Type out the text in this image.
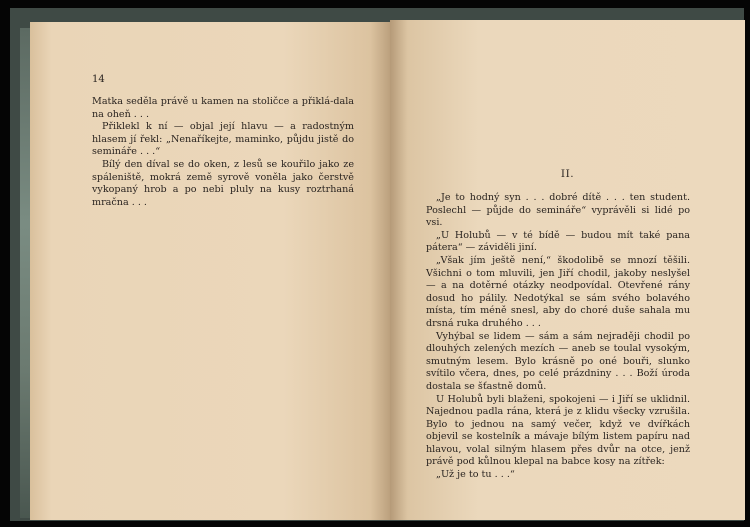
14

Matka seděla právě u kamen na stoličce a přiklá-dala na oheň . . .

Přiklekl k ní — objal její hlavu — a radostným hlasem jí řekl: „Nenaříkejte, maminko, půjdu jistě do semináře . . .“

Bílý den díval se do oken, z lesů se kouřilo jako ze spáleniště, mokrá země syrově voněla jako čerstvě vykopaný hrob a po nebi pluly na kusy roztrhaná mračna . . .

II.

„Je to hodný syn . . . dobré dítě . . . ten student. Poslechl — půjde do semináře“ vyprávěli si lidé po vsi.

„U Holubů — v té bídě — budou mít také pana pátera“ — záviděli jiní.

„Však jím ještě není,“ škodolibě se mnozí těšili. Všichni o tom mluvili, jen Jiří chodil, jakoby neslyšel — a na dotěrné otázky neodpovídal. Otevřené rány dosud ho pálily. Nedotýkal se sám svého bolavého místa, tím méně snesl, aby do choré duše sahala mu drsná ruka druhého . . .

Vyhýbal se lidem — sám a sám nejraději chodil po dlouhých zelených mezích — aneb se toulal vysokým, smutným lesem. Bylo krásně po oné bouři, slunko svítilo včera, dnes, po celé prázdniny . . . Boží úroda dostala se šťastně domů.

U Holubů byli blaženi, spokojeni — i Jiří se uklidnil. Najednou padla rána, která je z klidu všecky vzrušila. Bylo to jednou na samý večer, když ve dvířkách objevil se kostelník a mávaje bílým listem papíru nad hlavou, volal silným hlasem přes dvůr na otce, jenž právě pod kůlnou klepal na babce kosy na zítřek:

„Už je to tu . . .“
